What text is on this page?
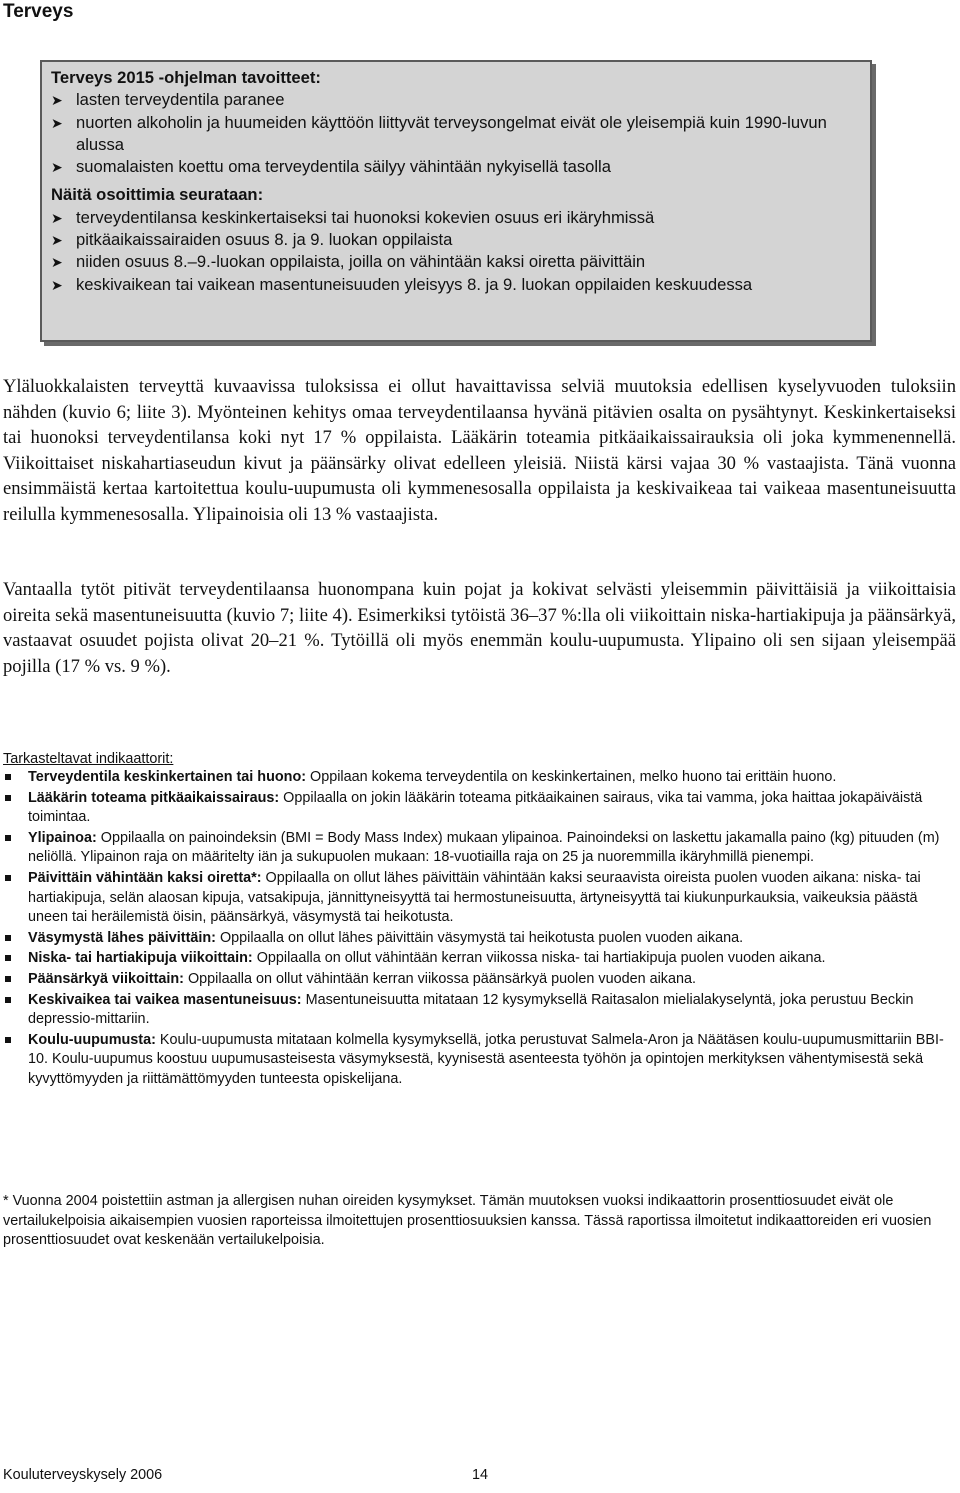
Terveys

Terveys 2015 -ohjelman tavoitteet:

➤ lasten terveydentila paranee
➤ nuorten alkoholin ja huumeiden käyttöön liittyvät terveysongelmat eivät ole yleisempiä kuin 1990-luvun alussa
➤ suomalaisten koettu oma terveydentila säilyy vähintään nykyisellä tasolla

Näitä osoittimia seurataan:

➤ terveydentilansa keskinkertaiseksi tai huonoksi kokevien osuus eri ikäryhmissä
➤ pitkäaikaissairaiden osuus 8. ja 9. luokan oppilaista
➤ niiden osuus 8.–9.-luokan oppilaista, joilla on vähintään kaksi oiretta päivittäin
➤ keskivaikean tai vaikean masentuneisuuden yleisyys 8. ja 9. luokan oppilaiden keskuudessa

Yläluokkalaisten terveyttä kuvaavissa tuloksissa ei ollut havaittavissa selviä muutoksia edellisen kyselyvuoden tuloksiin nähden (kuvio 6; liite 3). Myönteinen kehitys omaa terveydentilaansa hyvänä pitävien osalta on pysähtynyt. Keskinkertaiseksi tai huonoksi terveydentilansa koki nyt 17 % oppilaista. Lääkärin toteamia pitkäaikaissairauksia oli joka kymmenennellä. Viikoittaiset niskahartiaseudun kivut ja päänsärky olivat edelleen yleisiä. Niistä kärsi vajaa 30 % vastaajista. Tänä vuonna ensimmäistä kertaa kartoitettua koulu-uupumusta oli kymmenesosalla oppilaista ja keskivaikeaa tai vaikeaa masentuneisuutta reilulla kymmenesosalla. Ylipainoisia oli 13 % vastaajista.

Vantaalla tytöt pitivät terveydentilaansa huonompana kuin pojat ja kokivat selvästi yleisemmin päivittäisiä ja viikoittaisia oireita sekä masentuneisuutta (kuvio 7; liite 4). Esimerkiksi tytöistä 36–37 %:lla oli viikoittain niska-hartiakipuja ja päänsärkyä, vastaavat osuudet pojista olivat 20–21 %. Tytöillä oli myös enemmän koulu-uupumusta. Ylipaino oli sen sijaan yleisempää pojilla (17 % vs. 9 %).

Tarkasteltavat indikaattorit:
Terveydentila keskinkertainen tai huono: Oppilaan kokema terveydentila on keskinkertainen, melko huono tai erittäin huono.
Lääkärin toteama pitkäaikaissairaus: Oppilaalla on jokin lääkärin toteama pitkäaikainen sairaus, vika tai vamma, joka haittaa jokapäiväistä toimintaa.
Ylipainoa: Oppilaalla on painoindeksin (BMI = Body Mass Index) mukaan ylipainoa. Painoindeksi on laskettu jakamalla paino (kg) pituuden (m) neliöllä. Ylipainon raja on määritelty iän ja sukupuolen mukaan: 18-vuotiailla raja on 25 ja nuoremmilla ikäryhmillä pienempi.
Päivittäin vähintään kaksi oiretta*: Oppilaalla on ollut lähes päivittäin vähintään kaksi seuraavista oireista puolen vuoden aikana: niska- tai hartiakipuja, selän alaosan kipuja, vatsakipuja, jännittyneisyyttä tai hermostuneisuutta, ärtyneisyyttä tai kiukunpurkauksia, vaikeuksia päästä uneen tai heräilemistä öisin, päänsärkyä, väsymystä tai heikotusta.
Väsymystä lähes päivittäin: Oppilaalla on ollut lähes päivittäin väsymystä tai heikotusta puolen vuoden aikana.
Niska- tai hartiakipuja viikoittain: Oppilaalla on ollut vähintään kerran viikossa niska- tai hartiakipuja puolen vuoden aikana.
Päänsärkyä viikoittain: Oppilaalla on ollut vähintään kerran viikossa päänsärkyä puolen vuoden aikana.
Keskivaikea tai vaikea masentuneisuus: Masentuneisuutta mitataan 12 kysymyksellä Raitasalon mielialakyselyntä, joka perustuu Beckin depressio-mittariin.
Koulu-uupumusta: Koulu-uupumusta mitataan kolmella kysymyksellä, jotka perustuvat Salmela-Aron ja Näätäsen koulu-uupumusmittariin BBI-10. Koulu-uupumus koostuu uupumusasteisesta väsymyksestä, kyynisestä asenteesta työhön ja opintojen merkityksen vähentymisestä sekä kyvyttömyyden ja riittämättömyyden tunteesta opiskelijana.

* Vuonna 2004 poistettiin astman ja allergisen nuhan oireiden kysymykset. Tämän muutoksen vuoksi indikaattorin prosenttiosuudet eivät ole vertailukelpoisia aikaisempien vuosien raporteissa ilmoitettujen prosenttiosuuksien kanssa. Tässä raportissa ilmoitetut indikaattoreiden eri vuosien prosenttiosuudet ovat keskenään vertailukelpoisia.

Kouluterveyskysely 2006	14
